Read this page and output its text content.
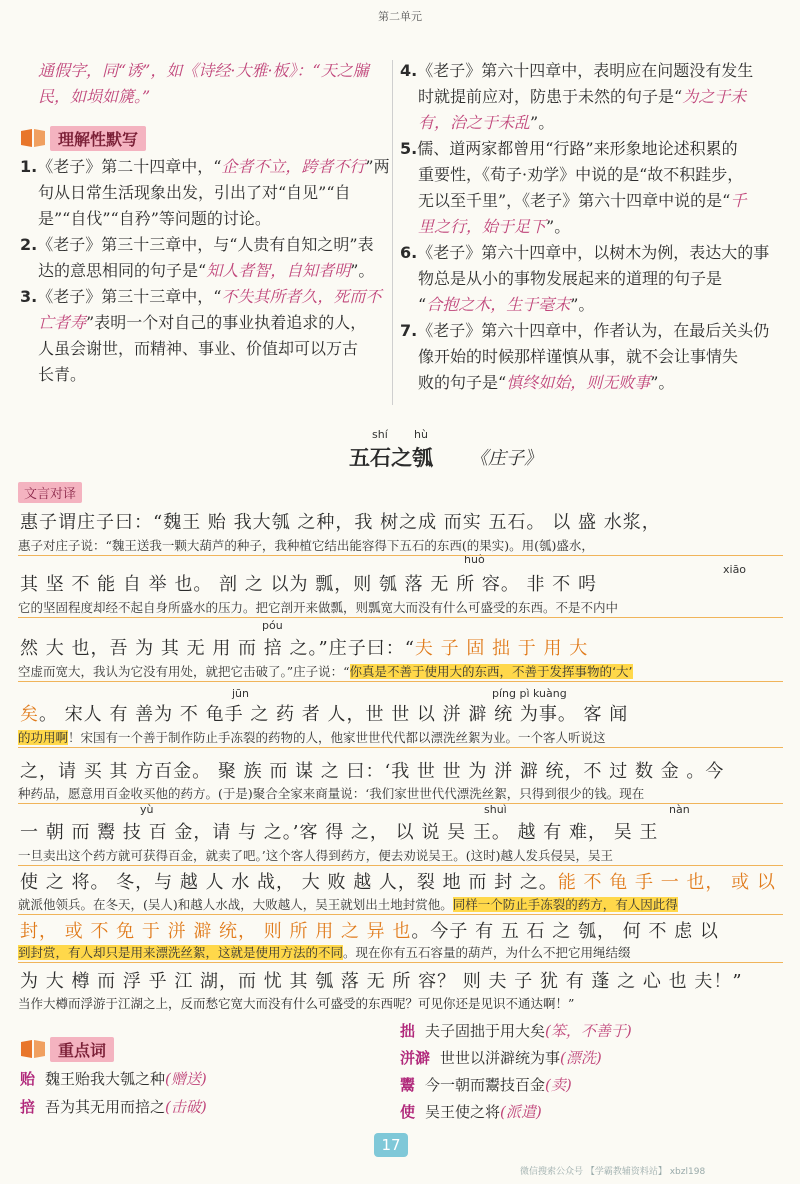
第二单元

通假字，同“诱”，如《诗经·大雅·板》：“天之牖

民，如埙如篪。”

理解性默写
1.《老子》第二十四章中，“企者不立，跨者不行”两
句从日常生活现象出发，引出了对“自见”“自
是”“自伐”“自矜”等问题的讨论。
2.《老子》第三十三章中，与“人贵有自知之明”表
达的意思相同的句子是“知人者智，自知者明”。
3.《老子》第三十三章中，“不失其所者久，死而不
亡者寿”表明一个对自己的事业执着追求的人，
人虽会谢世，而精神、事业、价值却可以万古
长青。
4.《老子》第六十四章中，表明应在问题没有发生
时就提前应对，防患于未然的句子是“为之于未
有，治之于未乱”。
5.儒、道两家都曾用“行路”来形象地论述积累的
重要性，《荀子·劝学》中说的是“故不积跬步，
无以至千里”，《老子》第六十四章中说的是“千
里之行，始于足下”。
6.《老子》第六十四章中，以树木为例，表达大的事
物总是从小的事物发展起来的道理的句子是
“合抱之木，生于毫末”。
7.《老子》第六十四章中，作者认为，在最后关头仍
像开始的时候那样谨慎从事，就不会让事情失
败的句子是“慎终如始，则无败事”。
shí hù
五石之瓠 《庄子》
文言对译
huò
xiāo
póu
jūn	píng pì kuàng
yù	shuì	nàn
惠子谓庄子曰：“魏王 贻 我大瓠 之种，我 树之成 而实 五石。 以 盛 水浆，
惠子对庄子说：“魏王送我一颗大葫芦的种子，我种植它结出能容得下五石的东西(的果实)。用(瓠)盛水，
其 坚 不 能 自 举 也。 剖 之 以为 瓢，则 瓠 落 无 所 容。 非 不 呺
它的坚固程度却经不起自身所盛水的压力。把它剖开来做瓢，则瓢宽大而没有什么可盛受的东西。不是不内中
然 大 也，吾 为 其 无 用 而 掊 之。”庄子曰：“夫 子 固 拙 于 用 大
空虚而宽大，我认为它没有用处，就把它击破了。”庄子说：“你真是不善于使用大的东西，不善于发挥事物的‘大’
矣。 宋人 有 善为 不 龟手 之 药 者 人，世 世 以 洴 澼 统 为事。 客 闻
的功用啊！宋国有一个善于制作防止手冻裂的药物的人，他家世世代代都以漂洗丝絮为业。一个客人听说这
之，请 买 其 方百金。 聚 族 而 谋 之 曰：‘我 世 世 为 洴 澼 统，不 过 数 金 。今
种药品，愿意用百金收买他的药方。(于是)聚合全家来商量说：‘我们家世世代代漂洗丝絮，只得到很少的钱。现在
一 朝 而 鬻 技 百 金，请 与 之。’客 得 之， 以 说 吴 王。 越 有 难， 吴 王
一旦卖出这个药方就可获得百金，就卖了吧。’这个客人得到药方，便去劝说吴王。(这时)越人发兵侵吴，吴王
使 之 将。 冬，与 越 人 水 战， 大 败 越 人，裂 地 而 封 之。能 不 龟 手 一 也， 或 以
就派他领兵。在冬天，(吴人)和越人水战，大败越人，吴王就划出土地封赏他。同样一个防止手冻裂的药方，有人因此得
封， 或 不 免 于 洴 澼 统， 则 所 用 之 异 也。今子 有 五 石 之 瓠， 何 不 虑 以
到封赏，有人却只是用来漂洗丝絮，这就是使用方法的不同。现在你有五石容量的葫芦，为什么不把它用绳结缀
为 大 樽 而 浮 乎 江 湖，而 忧 其 瓠 落 无 所 容？ 则 夫 子 犹 有 蓬 之 心 也 夫！”
当作大樽而浮游于江湖之上，反而愁它宽大而没有什么可盛受的东西呢？可见你还是见识不通达啊！”
重点词
贻 魏王贻我大瓠之种(赠送)
掊 吾为其无用而掊之(击破)
拙 夫子固拙于用大矣(笨，不善于)
洴澼 世世以洴澼统为事(漂洗)
鬻 今一朝而鬻技百金(卖)
使 吴王使之将(派遣)
17
微信搜索公众号 【学霸教辅资料站】 xbzl198
